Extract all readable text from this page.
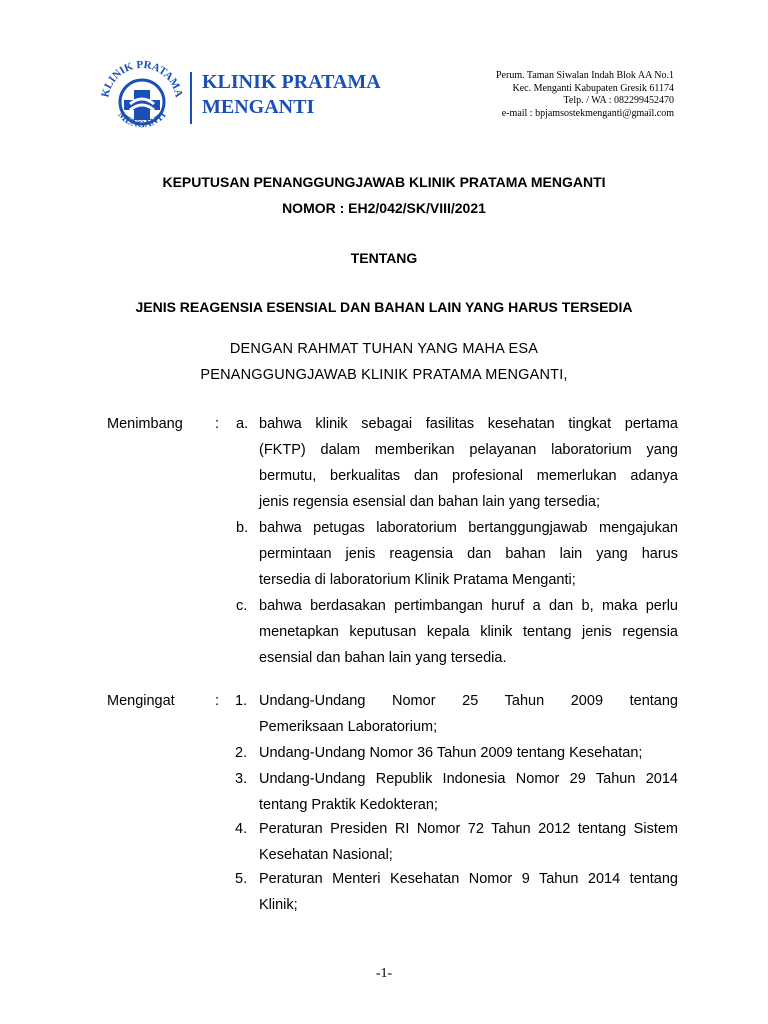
KLINIK PRATAMA
MENGANTI
KLINIK PRATAMA
MENGANTI
Perum. Taman Siwalan Indah Blok AA No.1
Kec. Menganti Kabupaten Gresik 61174
Telp. / WA : 082299452470
e-mail : bpjamsostekmenganti@gmail.com
KEPUTUSAN PENANGGUNGJAWAB KLINIK PRATAMA MENGANTI
NOMOR : EH2/042/SK/VIII/2021
TENTANG
JENIS REAGENSIA ESENSIAL DAN BAHAN LAIN YANG HARUS TERSEDIA
DENGAN RAHMAT TUHAN YANG MAHA ESA
PENANGGUNGJAWAB KLINIK PRATAMA MENGANTI,
Menimbang : a. bahwa klinik sebagai fasilitas kesehatan tingkat pertama
(FKTP) dalam memberikan pelayanan laboratorium yang
bermutu, berkualitas dan profesional memerlukan adanya
jenis regensia esensial dan bahan lain yang tersedia;
b. bahwa petugas laboratorium bertanggungjawab mengajukan
permintaan jenis reagensia dan bahan lain yang harus
tersedia di laboratorium Klinik Pratama Menganti;
c. bahwa berdasakan pertimbangan huruf a dan b, maka perlu
menetapkan keputusan kepala klinik tentang jenis regensia
esensial dan bahan lain yang tersedia.
Mengingat	: 1. Undang-Undang Nomor 25 Tahun 2009 tentang
Pemeriksaan Laboratorium;
2. Undang-Undang Nomor 36 Tahun 2009 tentang Kesehatan;
3. Undang-Undang Republik Indonesia Nomor 29 Tahun 2014
tentang Praktik Kedokteran;
4. Peraturan Presiden RI Nomor 72 Tahun 2012 tentang Sistem
Kesehatan Nasional;
5. Peraturan Menteri Kesehatan Nomor 9 Tahun 2014 tentang
Klinik;
-1-
